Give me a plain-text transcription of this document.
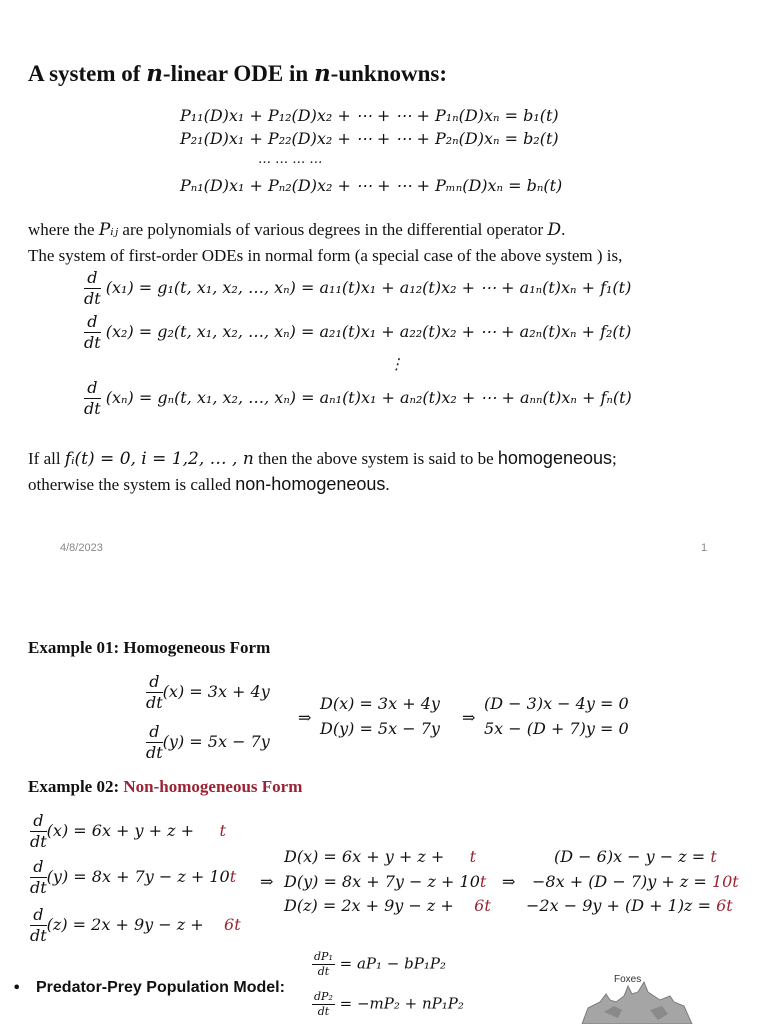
A system of n-linear ODE in n-unknowns:
P₁₁(D)x₁ + P₁₂(D)x₂ + ⋯ + ⋯ + P₁ₙ(D)xₙ = b₁(t)
P₂₁(D)x₁ + P₂₂(D)x₂ + ⋯ + ⋯ + P₂ₙ(D)xₙ = b₂(t)
… … … …
Pₙ₁(D)x₁ + Pₙ₂(D)x₂ + ⋯ + ⋯ + Pₘₙ(D)xₙ = bₙ(t)
where the Pᵢⱼ are polynomials of various degrees in the differential operator D.
The system of first-order ODEs in normal form (a special case of the above system ) is,
$\frac{d}{dt} (x_1) = g_1(t$, x₁, x₂, …, xₙ) = a₁₁(t)x₁ + a₁₂(t)x₂ + ⋯ + a₁ₙ(t)xₙ + f₁(t)
$\frac{d}{dt} (x_2) = g_2(t$, x₁, x₂, …, xₙ) = a₂₁(t)x₁ + a₂₂(t)x₂ + ⋯ + a₂ₙ(t)xₙ + f₂(t)
⋮
$\frac{d}{dt} (x_n) = g_n(t$, x₁, x₂, …, xₙ) = aₙ₁(t)x₁ + aₙ₂(t)x₂ + ⋯ + aₙₙ(t)xₙ + fₙ(t)
If all fᵢ(t) = 0, i = 1,2, … , n then the above system is said to be homogeneous;
otherwise the system is called non-homogeneous.
4/8/2023	1
Example 01: Homogeneous Form
$\frac{d}{dt} (x) = 3x + 4y$
$\frac{d}{dt} (y) = 5x - 7y$
⇒
D(x) = 3x + 4y
D(y) = 5x − 7y
⇒
(D − 3)x − 4y = 0
5x − (D + 7)y = 0
Example 02: Non-homogeneous Form
$\frac{d}{dt} (x) = 6x + y + z + t$
$\frac{d}{dt} (y) = 8x + 7y - z + 10t$
$\frac{d}{dt} (z) = 2x + 9y - z + 6t$
⇒
D(x) = 6x + y + z + t
D(y) = 8x + 7y − z + 10t
D(z) = 2x + 9y − z + 6t
⇒
(D − 6)x − y − z = t
−8x + (D − 7)y + z = 10t
−2x − 9y + (D + 1)z = 6t
• Predator-Prey Population Model:
$\frac{\text{dP₁}}{dt} = aP_1 - bP_1P_2$
$\frac{\text{dP₂}}{dt} = -mP_2 + nP_1P_2$
Foxes
